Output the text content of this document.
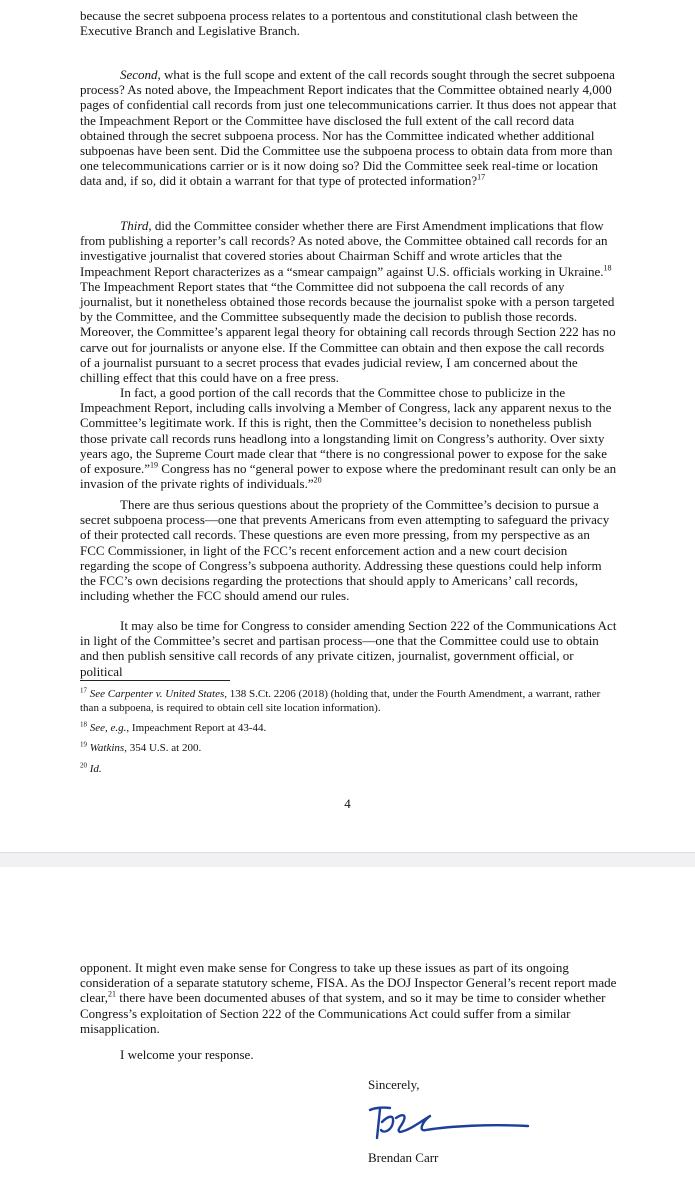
because the secret subpoena process relates to a portentous and constitutional clash between the Executive Branch and Legislative Branch.

Second, what is the full scope and extent of the call records sought through the secret subpoena process? As noted above, the Impeachment Report indicates that the Committee obtained nearly 4,000 pages of confidential call records from just one telecommunications carrier. It thus does not appear that the Impeachment Report or the Committee have disclosed the full extent of the call record data obtained through the secret subpoena process. Nor has the Committee indicated whether additional subpoenas have been sent. Did the Committee use the subpoena process to obtain data from more than one telecommunications carrier or is it now doing so? Did the Committee seek real-time or location data and, if so, did it obtain a warrant for that type of protected information?$^{17}$

Third, did the Committee consider whether there are First Amendment implications that flow from publishing a reporter’s call records? As noted above, the Committee obtained call records for an investigative journalist that covered stories about Chairman Schiff and wrote articles that the Impeachment Report characterizes as a “smear campaign” against U.S. officials working in Ukraine.$^{18}$ The Impeachment Report states that “the Committee did not subpoena the call records of any journalist, but it nonetheless obtained those records because the journalist spoke with a person targeted by the Committee, and the Committee subsequently made the decision to publish those records. Moreover, the Committee’s apparent legal theory for obtaining call records through Section 222 has no carve out for journalists or anyone else. If the Committee can obtain and then expose the call records of a journalist pursuant to a secret process that evades judicial review, I am concerned about the chilling effect that this could have on a free press.

In fact, a good portion of the call records that the Committee chose to publicize in the Impeachment Report, including calls involving a Member of Congress, lack any apparent nexus to the Committee’s legitimate work. If this is right, then the Committee’s decision to nonetheless publish those private call records runs headlong into a longstanding limit on Congress’s authority. Over sixty years ago, the Supreme Court made clear that “there is no congressional power to expose for the sake of exposure.”$^{19}$ Congress has no “general power to expose where the predominant result can only be an invasion of the private rights of individuals.”$^{20}$

There are thus serious questions about the propriety of the Committee’s decision to pursue a secret subpoena process—one that prevents Americans from even attempting to safeguard the privacy of their protected call records. These questions are even more pressing, from my perspective as an FCC Commissioner, in light of the FCC’s recent enforcement action and a new court decision regarding the scope of Congress’s subpoena authority. Addressing these questions could help inform the FCC’s own decisions regarding the protections that should apply to Americans’ call records, including whether the FCC should amend our rules.

It may also be time for Congress to consider amending Section 222 of the Communications Act in light of the Committee’s secret and partisan process—one that the Committee could use to obtain and then publish sensitive call records of any private citizen, journalist, government official, or political

$^{17}$ See Carpenter v. United States, 138 S.Ct. 2206 (2018) (holding that, under the Fourth Amendment, a warrant, rather than a subpoena, is required to obtain cell site location information).

$^{18}$ See, e.g., Impeachment Report at 43-44.

$^{19}$ Watkins, 354 U.S. at 200.

$^{20}$ Id.

4

opponent. It might even make sense for Congress to take up these issues as part of its ongoing consideration of a separate statutory scheme, FISA. As the DOJ Inspector General’s recent report made clear,$^{21}$ there have been documented abuses of that system, and so it may be time to consider whether Congress’s exploitation of Section 222 of the Communications Act could suffer from a similar misapplication.

I welcome your response.

Sincerely,
Brendan Carr
